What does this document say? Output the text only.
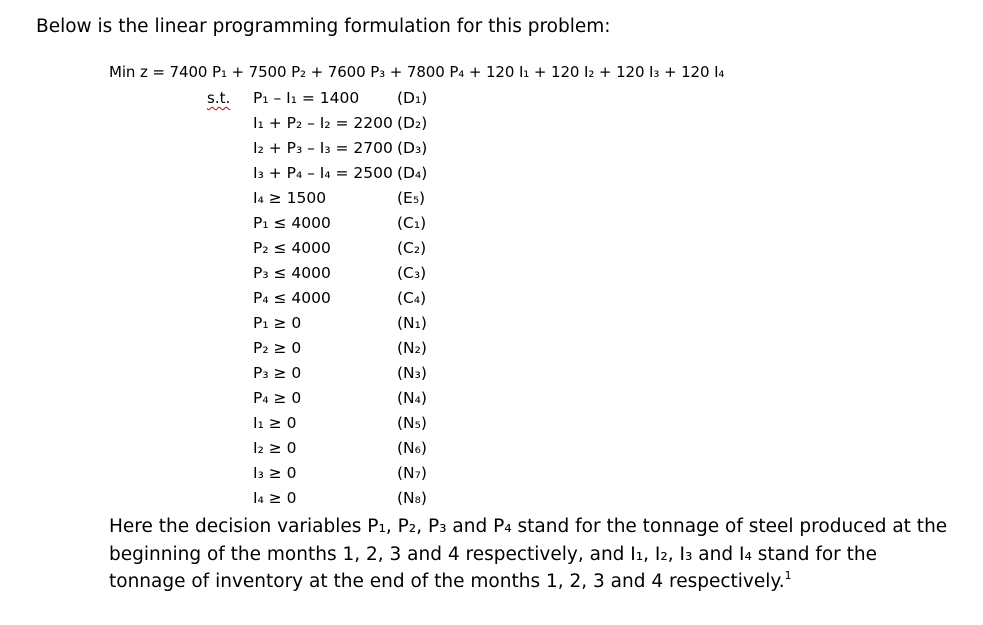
Below is the linear programming formulation for this problem:
Min z = 7400 P₁ + 7500 P₂ + 7600 P₃ + 7800 P₄ + 120 I₁ + 120 I₂ + 120 I₃ + 120 I₄
s.t. P₁ – I₁ = 1400 (D₁)
I₁ + P₂ – I₂ = 2200 (D₂)
I₂ + P₃ – I₃ = 2700 (D₃)
I₃ + P₄ – I₄ = 2500 (D₄)
I₄ ≥ 1500	(E₅)
P₁ ≤ 4000	(C₁)
P₂ ≤ 4000	(C₂)
P₃ ≤ 4000	(C₃)
P₄ ≤ 4000	(C₄)
P₁ ≥ 0	(N₁)
P₂ ≥ 0	(N₂)
P₃ ≥ 0	(N₃)
P₄ ≥ 0	(N₄)
I₁ ≥ 0	(N₅)
I₂ ≥ 0	(N₆)
I₃ ≥ 0	(N₇)
I₄ ≥ 0	(N₈)
Here the decision variables P₁, P₂, P₃ and P₄ stand for the tonnage of steel produced at the beginning of the months 1, 2, 3 and 4 respectively, and I₁, I₂, I₃ and I₄ stand for the tonnage of inventory at the end of the months 1, 2, 3 and 4 respectively.$^1$
